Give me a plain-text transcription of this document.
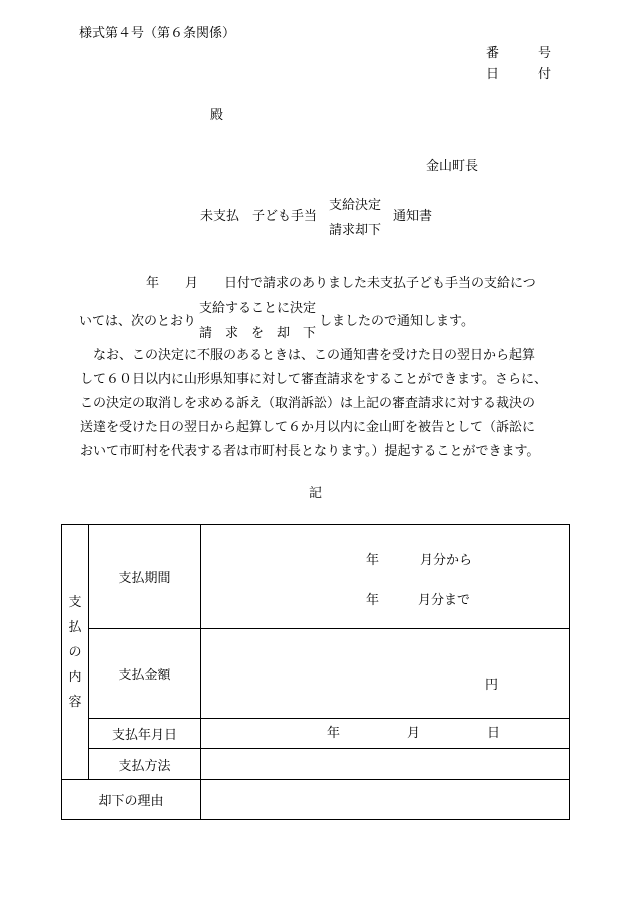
様式第４号（第６条関係）
番　　　号
日　　　付
殿
金山町長
未支払　子ども手当
支給決定
請求却下
通知書
年　　月　　日付で請求のありました未支払子ども手当の支給につ
いては、次のとおり
支給することに決定
請　求　を　却　下
しましたので通知します。

　なお、この決定に不服のあるときは、この通知書を受けた日の翌日から起算

して６０日以内に山形県知事に対して審査請求をすることができます。さらに、

この決定の取消しを求める訴え（取消訴訟）は上記の審査請求に対する裁決の

送達を受けた日の翌日から起算して６か月以内に金山町を被告として（訴訟に

おいて市町村を代表する者は市町村長となります。）提起することができます。

記
支
払
の
内
容	支払期間	年 月分から
年 月分まで

	支払金額	円

	支払年月日	年 月 日

	支払方法	
却下の理由		
